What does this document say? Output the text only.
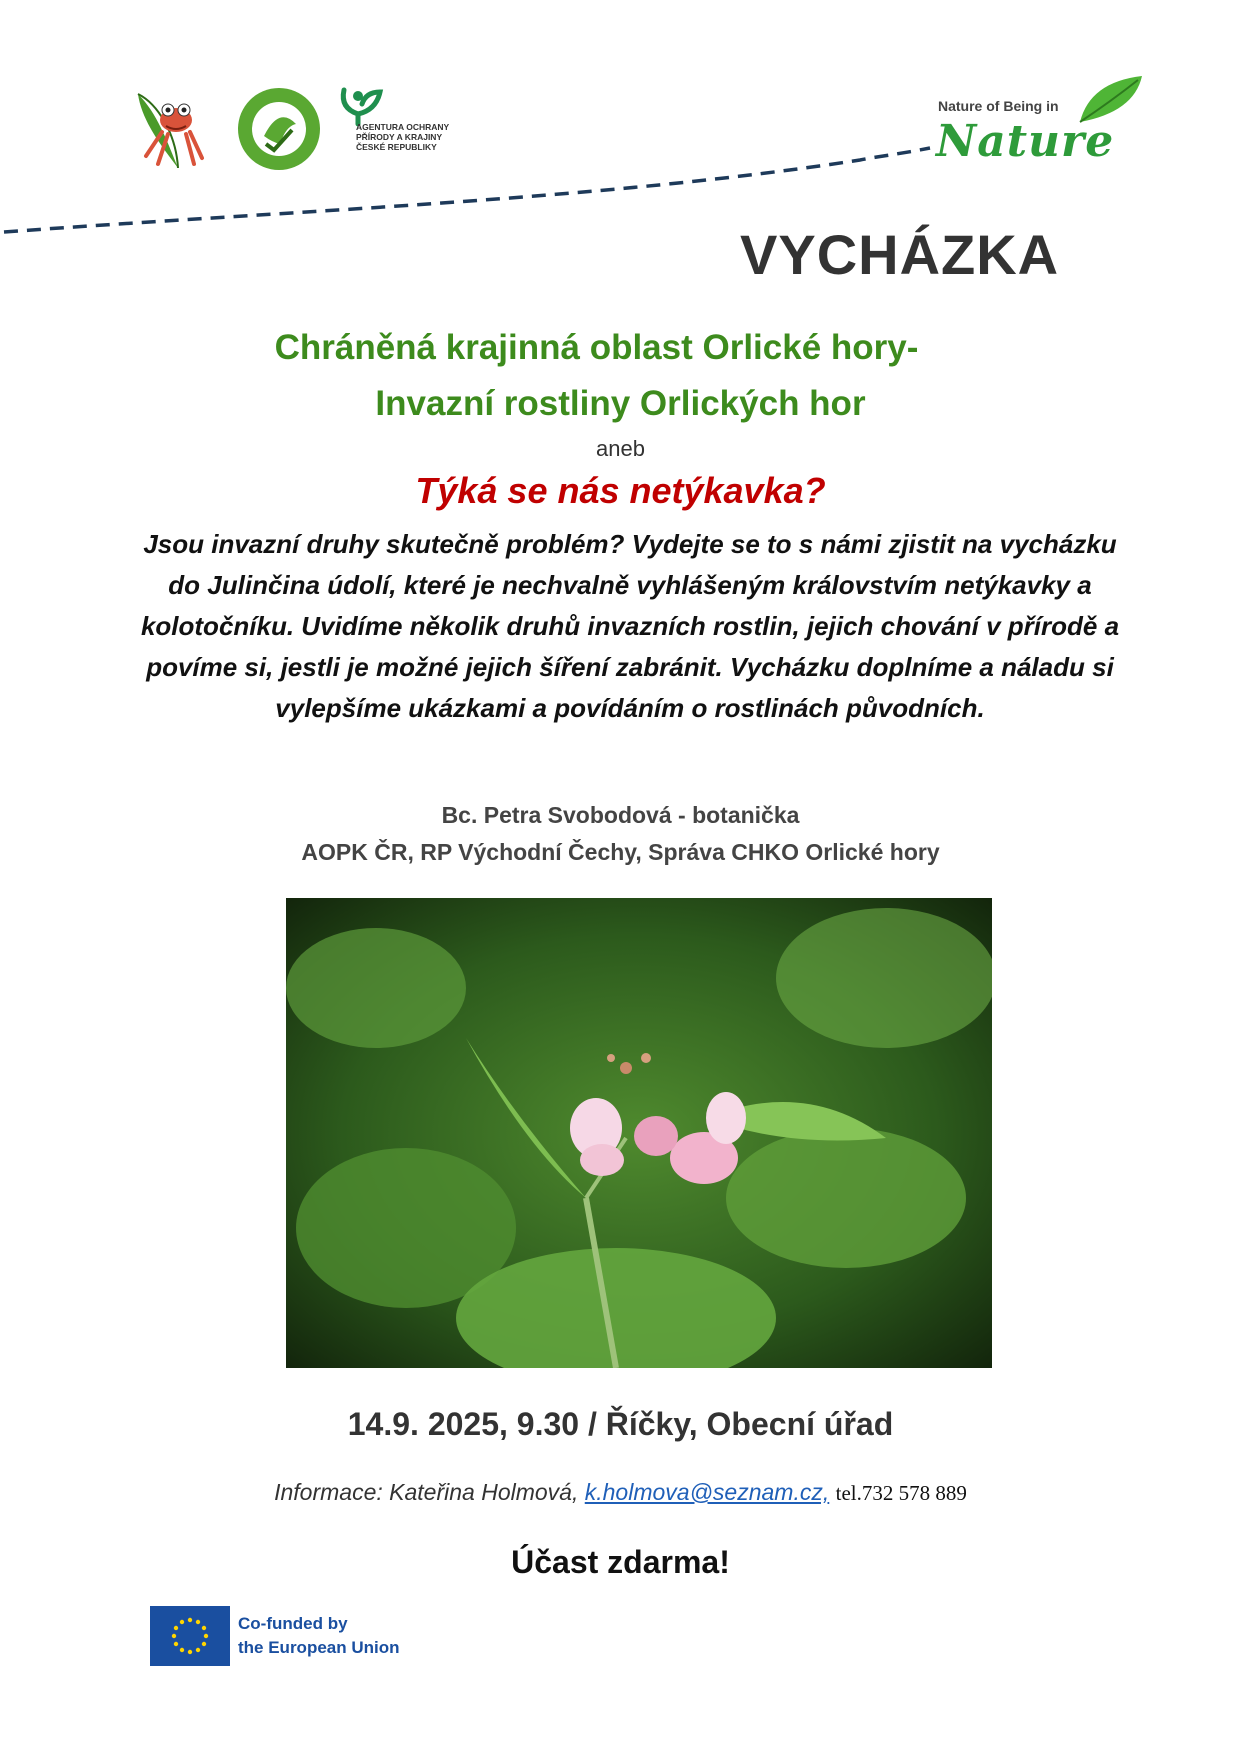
AGENTURA OCHRANY
PŘÍRODY A KRAJINY
ČESKÉ REPUBLIKY
Nature of Being in
Nature
VYCHÁZKA
Chráněná krajinná oblast Orlické hory-
Invazní rostliny Orlických hor
aneb
Týká se nás netýkavka?
Jsou invazní druhy skutečně problém? Vydejte se to s námi zjistit na vycházku do Julinčina údolí, které je nechvalně vyhlášeným královstvím netýkavky a kolotočníku. Uvidíme několik druhů invazních rostlin, jejich chování v přírodě a povíme si, jestli je možné jejich šíření zabránit. Vycházku doplníme a náladu si vylepšíme ukázkami a povídáním o rostlinách původních.
Bc. Petra Svobodová - botanička
AOPK ČR, RP Východní Čechy, Správa CHKO Orlické hory
14.9. 2025, 9.30 / Říčky, Obecní úřad
Informace: Kateřina Holmová, k.holmova@seznam.cz, tel.732 578 889
Účast zdarma!
Co-funded by
the European Union
